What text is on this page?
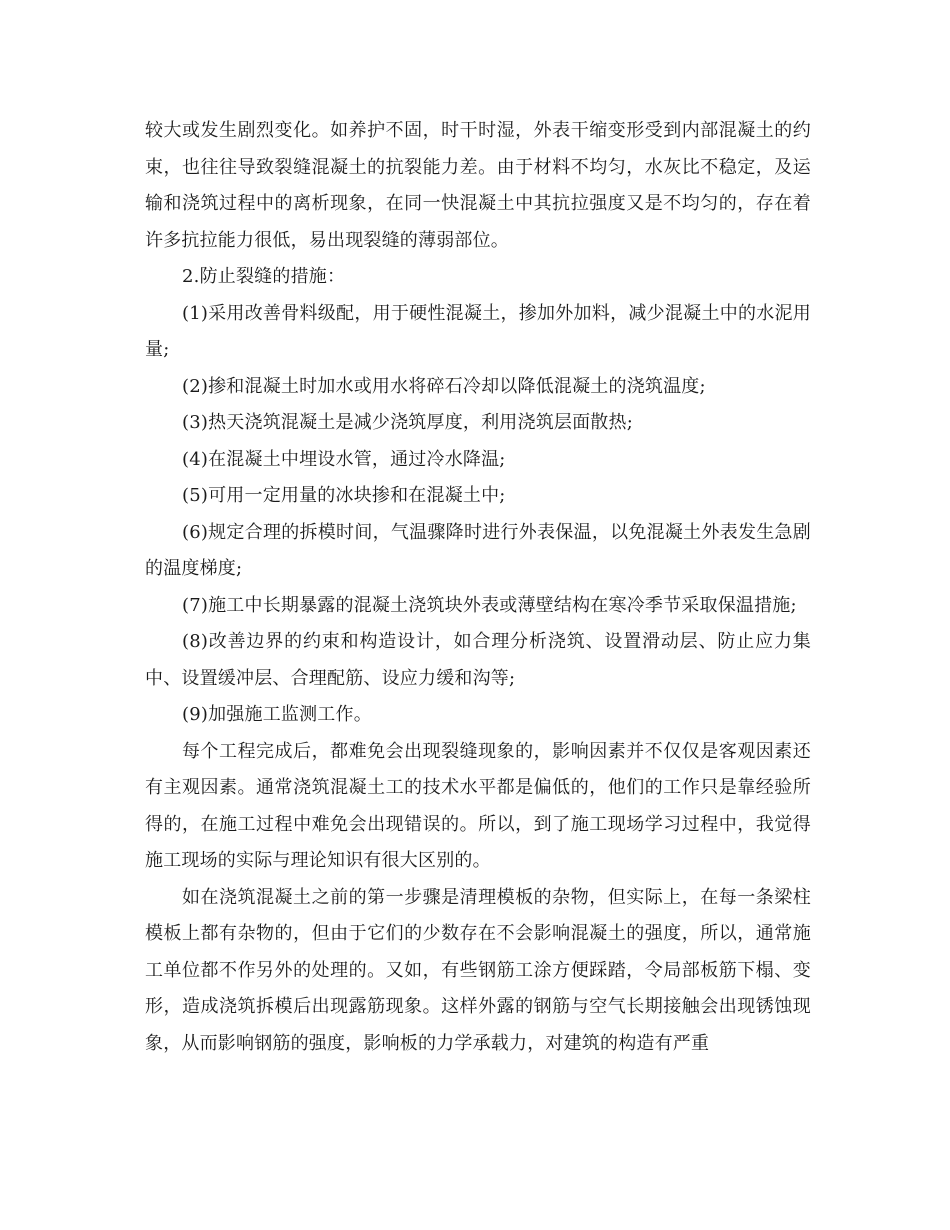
较大或发生剧烈变化。如养护不固，时干时湿，外表干缩变形受到内部混凝土的约束，也往往导致裂缝混凝土的抗裂能力差。由于材料不均匀，水灰比不稳定，及运输和浇筑过程中的离析现象，在同一快混凝土中其抗拉强度又是不均匀的，存在着许多抗拉能力很低，易出现裂缝的薄弱部位。

2.防止裂缝的措施：

(1)采用改善骨料级配，用于硬性混凝土，掺加外加料，减少混凝土中的水泥用量;

(2)掺和混凝土时加水或用水将碎石冷却以降低混凝土的浇筑温度;

(3)热天浇筑混凝土是减少浇筑厚度，利用浇筑层面散热;

(4)在混凝土中埋设水管，通过冷水降温;

(5)可用一定用量的冰块掺和在混凝土中;

(6)规定合理的拆模时间，气温骤降时进行外表保温，以免混凝土外表发生急剧的温度梯度;

(7)施工中长期暴露的混凝土浇筑块外表或薄壁结构在寒冷季节采取保温措施;

(8)改善边界的约束和构造设计，如合理分析浇筑、设置滑动层、防止应力集中、设置缓冲层、合理配筋、设应力缓和沟等;

(9)加强施工监测工作。

每个工程完成后，都难免会出现裂缝现象的，影响因素并不仅仅是客观因素还有主观因素。通常浇筑混凝土工的技术水平都是偏低的，他们的工作只是靠经验所得的，在施工过程中难免会出现错误的。所以，到了施工现场学习过程中，我觉得施工现场的实际与理论知识有很大区别的。

如在浇筑混凝土之前的第一步骤是清理模板的杂物，但实际上，在每一条梁柱模板上都有杂物的，但由于它们的少数存在不会影响混凝土的强度，所以，通常施工单位都不作另外的处理的。又如，有些钢筋工涂方便踩踏，令局部板筋下榻、变形，造成浇筑拆模后出现露筋现象。这样外露的钢筋与空气长期接触会出现锈蚀现象，从而影响钢筋的强度，影响板的力学承载力，对建筑的构造有严重
